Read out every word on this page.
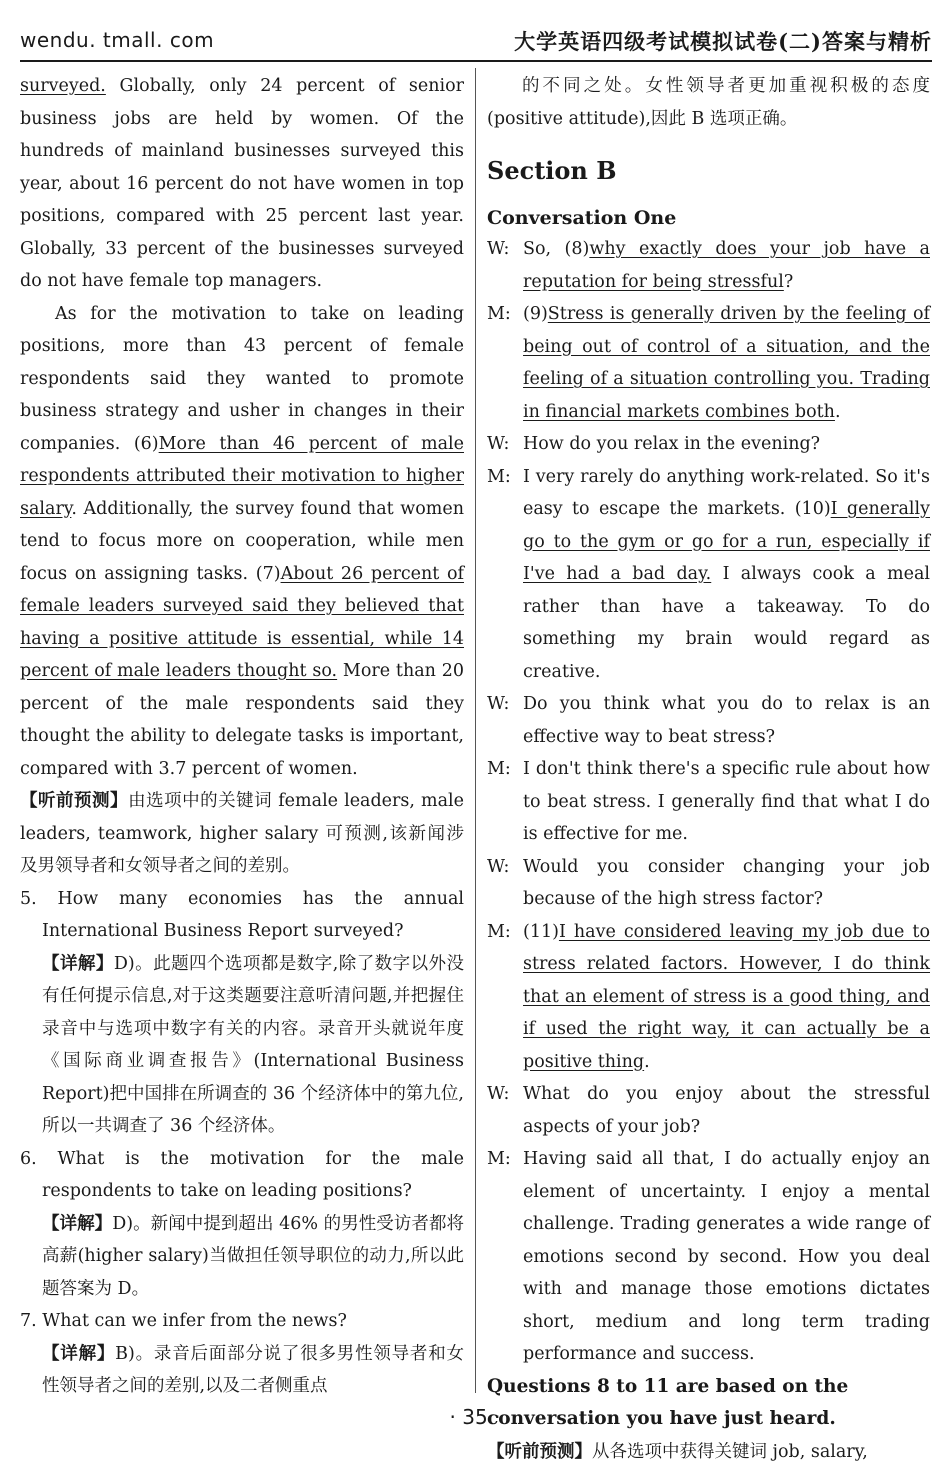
wendu. tmall. com	大学英语四级考试模拟试卷(二)答案与精析

surveyed. Globally, only 24 percent of senior business jobs are held by women. Of the hundreds of mainland businesses surveyed this year, about 16 percent do not have women in top positions, compared with 25 percent last year. Globally, 33 percent of the businesses surveyed do not have female top managers.

As for the motivation to take on leading positions, more than 43 percent of female respondents said they wanted to promote business strategy and usher in changes in their companies. (6)More than 46 percent of male respondents attributed their motivation to higher salary. Additionally, the survey found that women tend to focus more on cooperation, while men focus on assigning tasks. (7)About 26 percent of female leaders surveyed said they believed that having a positive attitude is essential, while 14 percent of male leaders thought so. More than 20 percent of the male respondents said they thought the ability to delegate tasks is important, compared with 3.7 percent of women.

【听前预测】由选项中的关键词 female leaders, male leaders, teamwork, higher salary 可预测,该新闻涉及男领导者和女领导者之间的差别。

5. How many economies has the annual International Business Report surveyed?
【详解】D)。此题四个选项都是数字,除了数字以外没有任何提示信息,对于这类题要注意听清问题,并把握住录音中与选项中数字有关的内容。录音开头就说年度《国际商业调查报告》(International Business Report)把中国排在所调查的 36 个经济体中的第九位,所以一共调查了 36 个经济体。
6. What is the motivation for the male respondents to take on leading positions?
【详解】D)。新闻中提到超出 46% 的男性受访者都将高薪(higher salary)当做担任领导职位的动力,所以此题答案为 D。
7. What can we infer from the news?
【详解】B)。录音后面部分说了很多男性领导者和女性领导者之间的差别,以及二者侧重点

的不同之处。女性领导者更加重视积极的态度(positive attitude),因此 B 选项正确。

Section B
Conversation One
W: So, (8)why exactly does your job have a reputation for being stressful?
M: (9)Stress is generally driven by the feeling of being out of control of a situation, and the feeling of a situation controlling you. Trading in financial markets combines both.
W: How do you relax in the evening?
M: I very rarely do anything work-related. So it's easy to escape the markets. (10)I generally go to the gym or go for a run, especially if I've had a bad day. I always cook a meal rather than have a takeaway. To do something my brain would regard as creative.
W: Do you think what you do to relax is an effective way to beat stress?
M: I don't think there's a specific rule about how to beat stress. I generally find that what I do is effective for me.
W: Would you consider changing your job because of the high stress factor?
M: (11)I have considered leaving my job due to stress related factors. However, I do think that an element of stress is a good thing, and if used the right way, it can actually be a positive thing.
W: What do you enjoy about the stressful aspects of your job?
M: Having said all that, I do actually enjoy an element of uncertainty. I enjoy a mental challenge. Trading generates a wide range of emotions second by second. How you deal with and manage those emotions dictates short, medium and long term trading performance and success.
Questions 8 to 11 are based on the conversation you have just heard.

【听前预测】从各选项中获得关键词 job, salary,

· 35 ·
